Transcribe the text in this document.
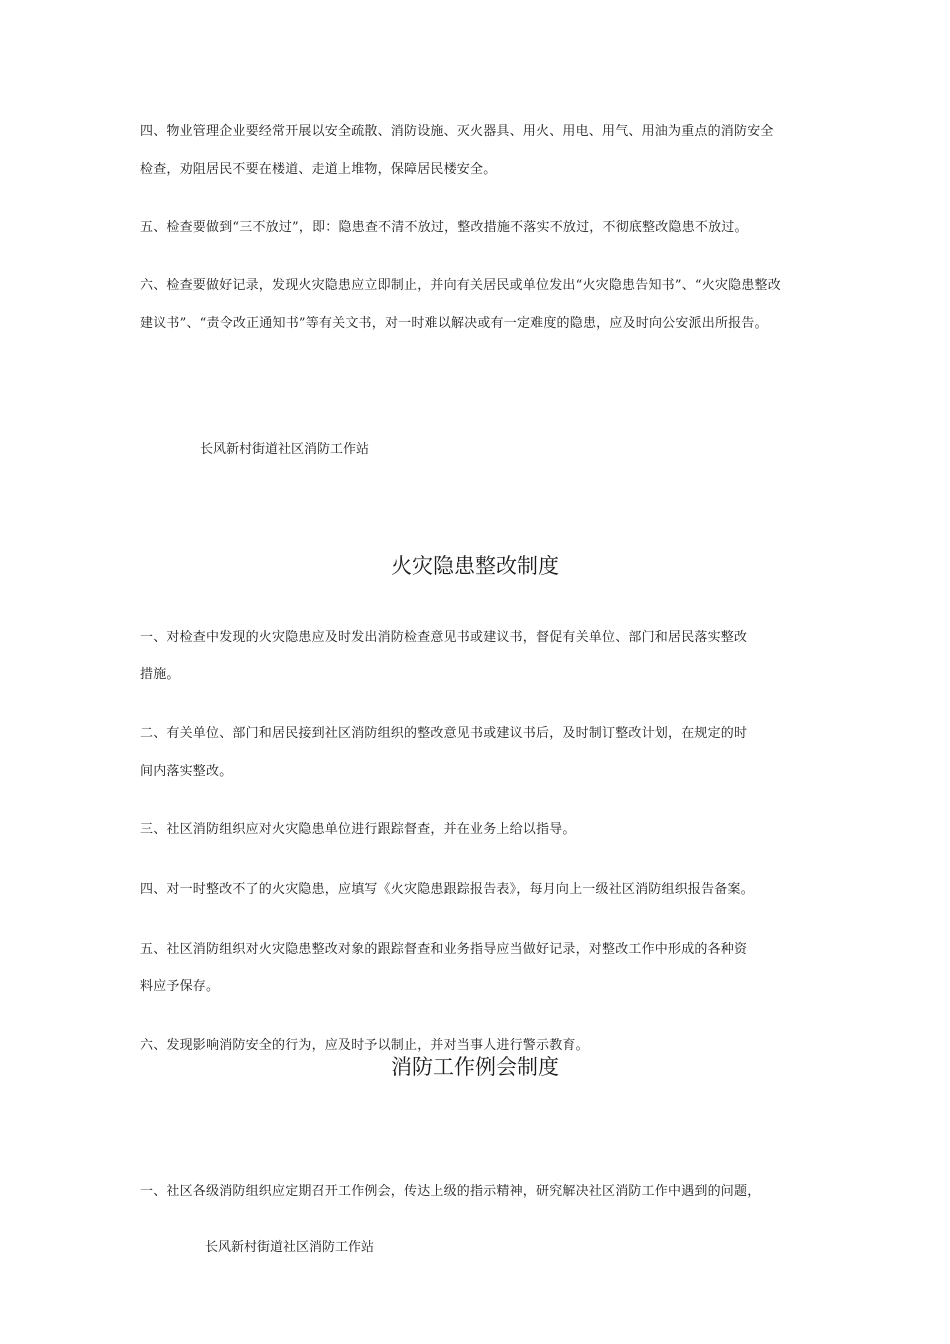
四、物业管理企业要经常开展以安全疏散、消防设施、灭火器具、用火、用电、用气、用油为重点的消防安全
检查，劝阻居民不要在楼道、走道上堆物，保障居民楼安全。
五、检查要做到“三不放过”，即：隐患查不清不放过，整改措施不落实不放过，不彻底整改隐患不放过。
六、检查要做好记录，发现火灾隐患应立即制止，并向有关居民或单位发出“火灾隐患告知书”、“火灾隐患整改
建议书”、“责令改正通知书”等有关文书，对一时难以解决或有一定难度的隐患，应及时向公安派出所报告。
长风新村街道社区消防工作站
火灾隐患整改制度
一、对检查中发现的火灾隐患应及时发出消防检查意见书或建议书，督促有关单位、部门和居民落实整改
措施。
二、有关单位、部门和居民接到社区消防组织的整改意见书或建议书后，及时制订整改计划，在规定的时
间内落实整改。
三、社区消防组织应对火灾隐患单位进行跟踪督查，并在业务上给以指导。
四、对一时整改不了的火灾隐患，应填写《火灾隐患跟踪报告表》，每月向上一级社区消防组织报告备案。
五、社区消防组织对火灾隐患整改对象的跟踪督查和业务指导应当做好记录，对整改工作中形成的各种资
料应予保存。
六、发现影响消防安全的行为，应及时予以制止，并对当事人进行警示教育。
消防工作例会制度
一、社区各级消防组织应定期召开工作例会，传达上级的指示精神，研究解决社区消防工作中遇到的问题，
长风新村街道社区消防工作站
